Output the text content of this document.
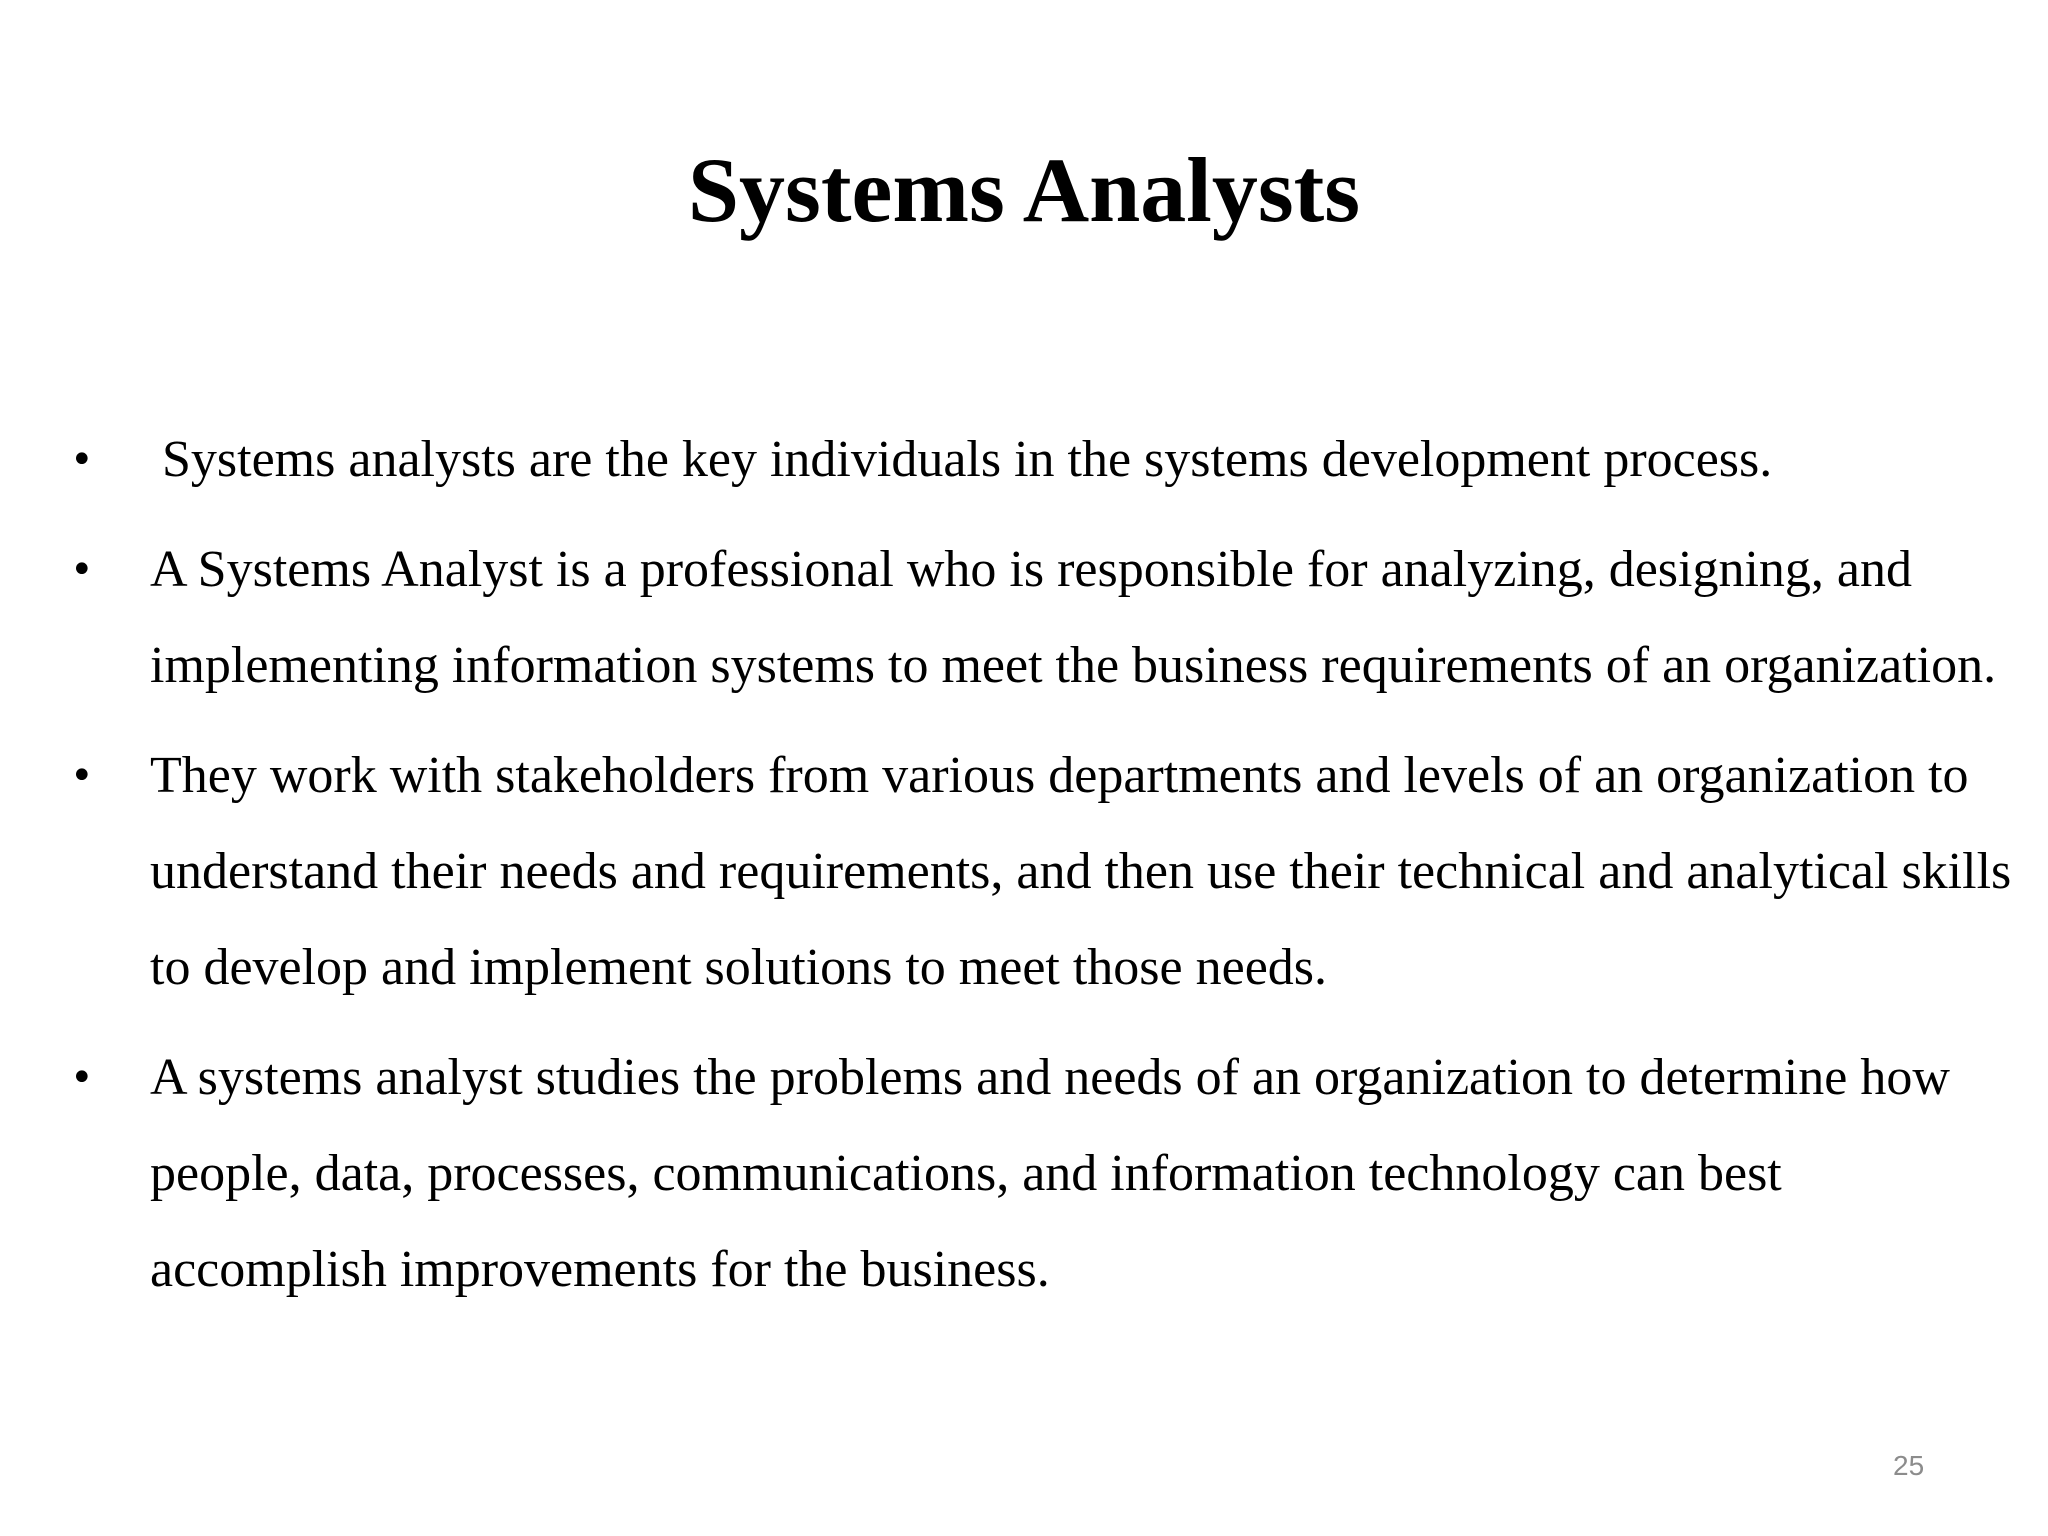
Systems Analysts
• Systems analysts are the key individuals in the systems development process.
• A Systems Analyst is a professional who is responsible for analyzing, designing, and implementing information systems to meet the business requirements of an organization.
• They work with stakeholders from various departments and levels of an organization to understand their needs and requirements, and then use their technical and analytical skills to develop and implement solutions to meet those needs.
• A systems analyst studies the problems and needs of an organization to determine how people, data, processes, communications, and information technology can best accomplish improvements for the business.
25
